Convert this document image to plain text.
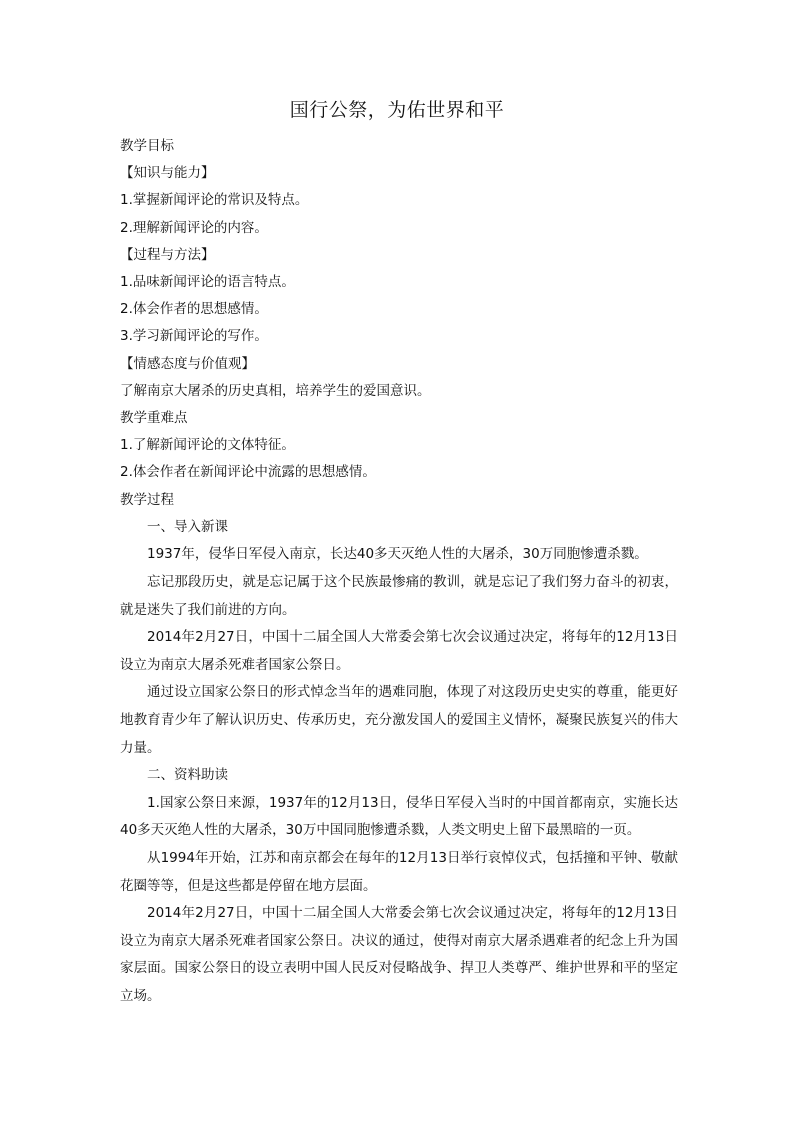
国行公祭，为佑世界和平

教学目标

【知识与能力】

1.掌握新闻评论的常识及特点。

2.理解新闻评论的内容。

【过程与方法】

1.品味新闻评论的语言特点。

2.体会作者的思想感情。

3.学习新闻评论的写作。

【情感态度与价值观】

了解南京大屠杀的历史真相，培养学生的爱国意识。

教学重难点

1.了解新闻评论的文体特征。

2.体会作者在新闻评论中流露的思想感情。

教学过程

一、导入新课

1937年，侵华日军侵入南京，长达40多天灭绝人性的大屠杀，30万同胞惨遭杀戮。

忘记那段历史，就是忘记属于这个民族最惨痛的教训，就是忘记了我们努力奋斗的初衷，就是迷失了我们前进的方向。

2014年2月27日，中国十二届全国人大常委会第七次会议通过决定，将每年的12月13日设立为南京大屠杀死难者国家公祭日。

通过设立国家公祭日的形式悼念当年的遇难同胞，体现了对这段历史史实的尊重，能更好地教育青少年了解认识历史、传承历史，充分激发国人的爱国主义情怀，凝聚民族复兴的伟大力量。

二、资料助读

1.国家公祭日来源，1937年的12月13日，侵华日军侵入当时的中国首都南京，实施长达40多天灭绝人性的大屠杀，30万中国同胞惨遭杀戮，人类文明史上留下最黑暗的一页。

从1994年开始，江苏和南京都会在每年的12月13日举行哀悼仪式，包括撞和平钟、敬献花圈等等，但是这些都是停留在地方层面。

2014年2月27日，中国十二届全国人大常委会第七次会议通过决定，将每年的12月13日设立为南京大屠杀死难者国家公祭日。决议的通过，使得对南京大屠杀遇难者的纪念上升为国家层面。国家公祭日的设立表明中国人民反对侵略战争、捍卫人类尊严、维护世界和平的坚定立场。
